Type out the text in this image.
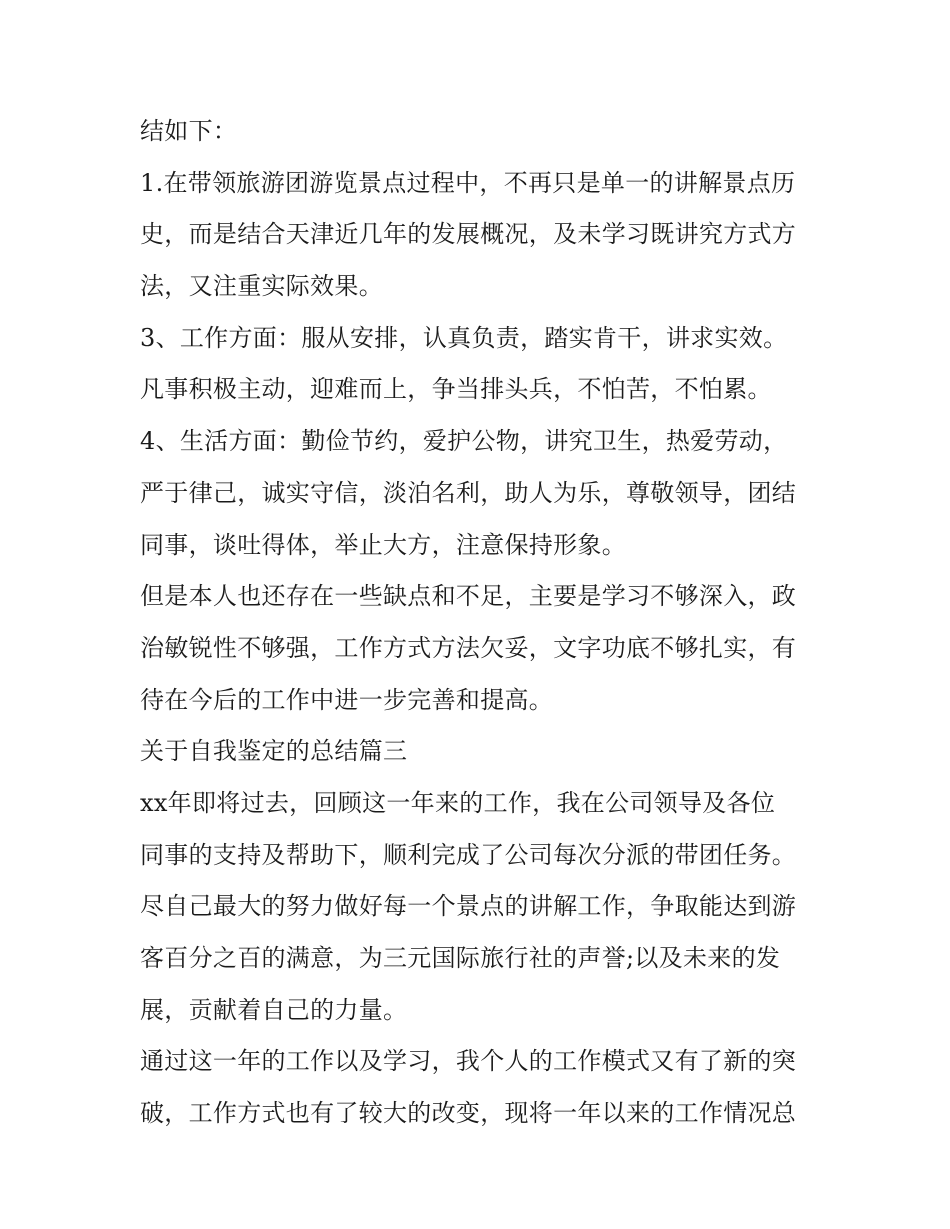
结如下：
1.在带领旅游团游览景点过程中，不再只是单一的讲解景点历
史，而是结合天津近几年的发展概况，及未学习既讲究方式方
法，又注重实际效果。
3、工作方面：服从安排，认真负责，踏实肯干，讲求实效。
凡事积极主动，迎难而上，争当排头兵，不怕苦，不怕累。
4、生活方面：勤俭节约，爱护公物，讲究卫生，热爱劳动，
严于律己，诚实守信，淡泊名利，助人为乐，尊敬领导，团结
同事，谈吐得体，举止大方，注意保持形象。
但是本人也还存在一些缺点和不足，主要是学习不够深入，政
治敏锐性不够强，工作方式方法欠妥，文字功底不够扎实，有
待在今后的工作中进一步完善和提高。
关于自我鉴定的总结篇三
xx年即将过去，回顾这一年来的工作，我在公司领导及各位
同事的支持及帮助下，顺利完成了公司每次分派的带团任务。
尽自己最大的努力做好每一个景点的讲解工作，争取能达到游
客百分之百的满意，为三元国际旅行社的声誉;以及未来的发
展，贡献着自己的力量。
通过这一年的工作以及学习，我个人的工作模式又有了新的突
破，工作方式也有了较大的改变，现将一年以来的工作情况总
